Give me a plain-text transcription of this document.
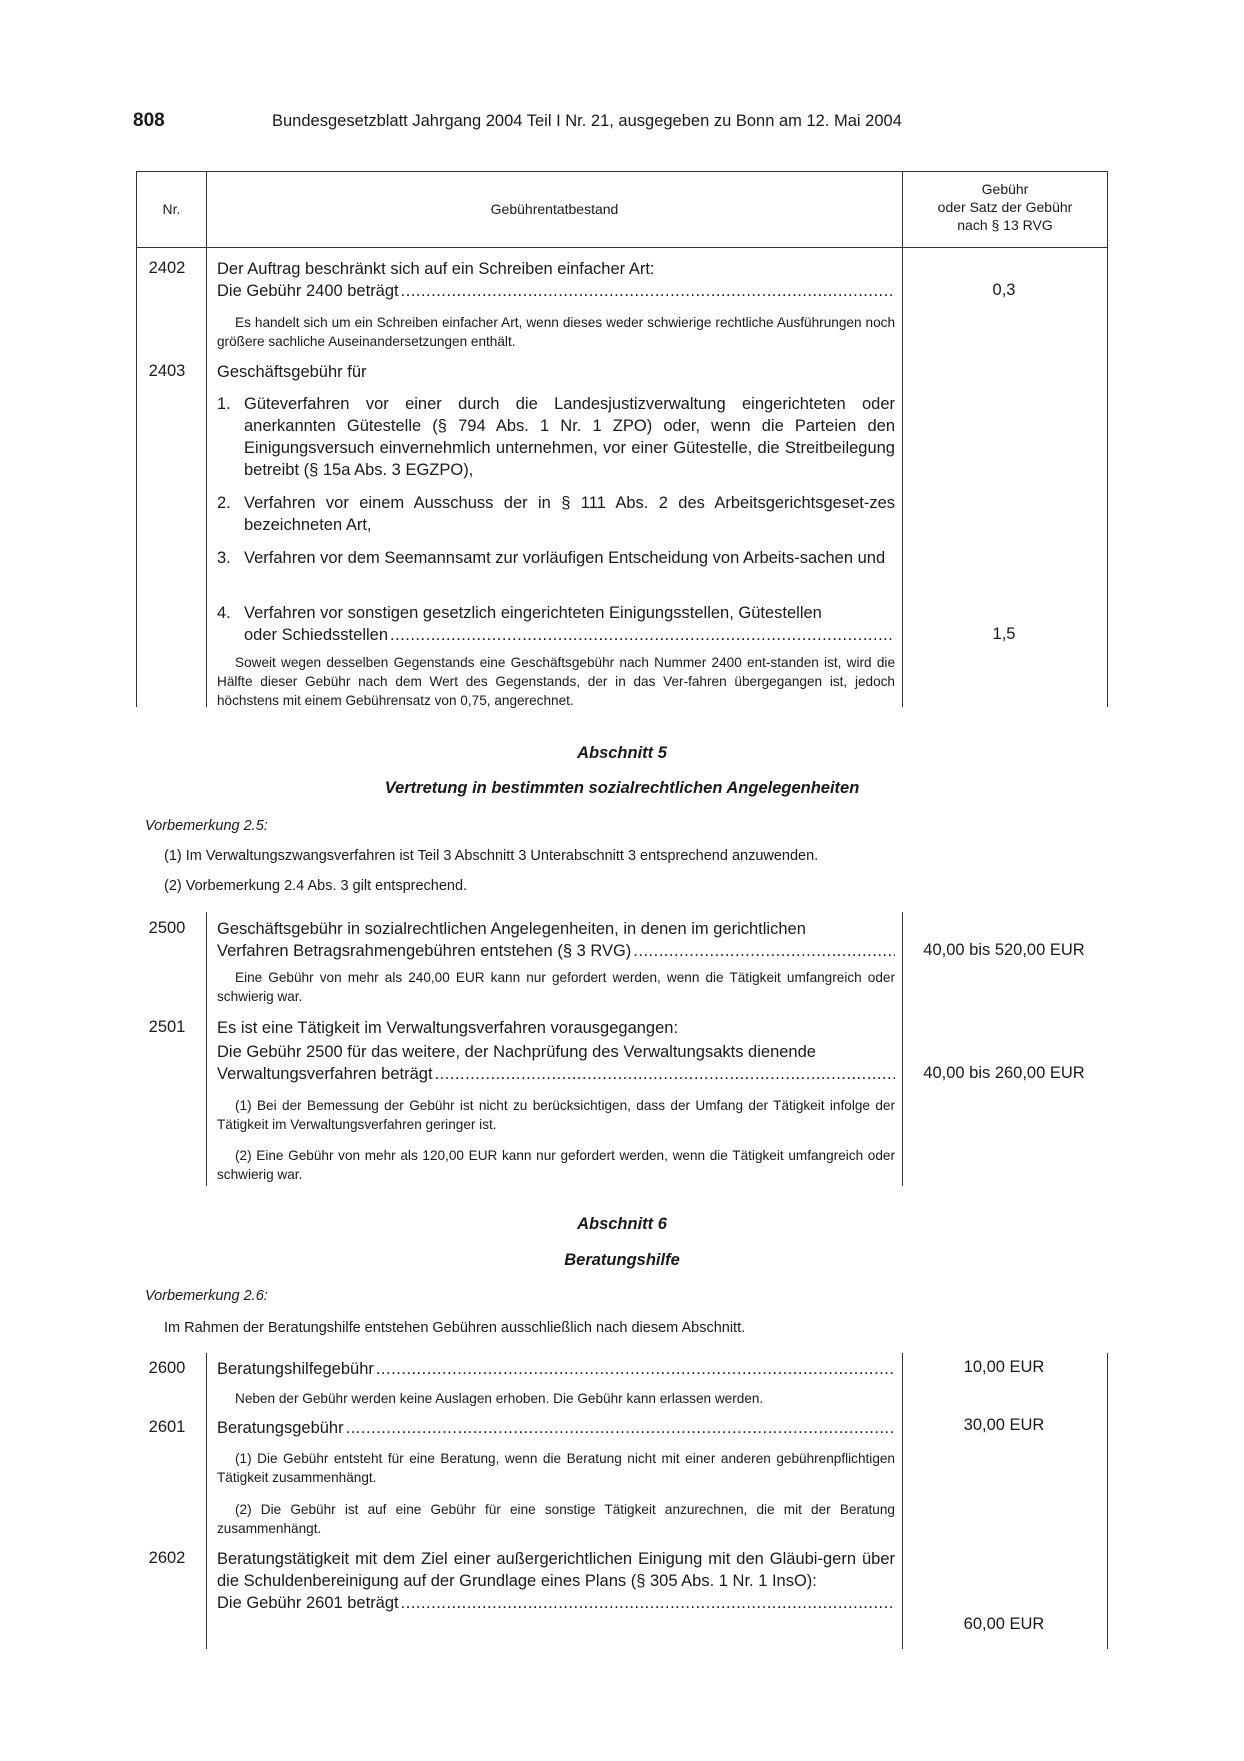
808	Bundesgesetzblatt Jahrgang 2004 Teil I Nr. 21, ausgegeben zu Bonn am 12. Mai 2004
Nr.	Gebührentatbestand
Gebühr
oder Satz der Gebühr
nach § 13 RVG
2402	Der Auftrag beschränkt sich auf ein Schreiben einfacher Art:
Die Gebühr 2400 beträgt .....	0,3
Es handelt sich um ein Schreiben einfacher Art, wenn dieses weder schwierige rechtliche Ausführungen noch größere sachliche Auseinandersetzungen enthält.
2403	Geschäftsgebühr für
1. Güteverfahren vor einer durch die Landesjustizverwaltung eingerichteten oder anerkannten Gütestelle (§ 794 Abs. 1 Nr. 1 ZPO) oder, wenn die Parteien den Einigungsversuch einvernehmlich unternehmen, vor einer Gütestelle, die Streitbeilegung betreibt (§ 15a Abs. 3 EGZPO),
2. Verfahren vor einem Ausschuss der in § 111 Abs. 2 des Arbeitsgerichtsgeset-zes bezeichneten Art,
3. Verfahren vor dem Seemannsamt zur vorläufigen Entscheidung von Arbeits-sachen und
4. Verfahren vor sonstigen gesetzlich eingerichteten Einigungsstellen, Gütestellen
oder Schiedsstellen .....	1,5
Soweit wegen desselben Gegenstands eine Geschäftsgebühr nach Nummer 2400 ent-standen ist, wird die Hälfte dieser Gebühr nach dem Wert des Gegenstands, der in das Ver-fahren übergegangen ist, jedoch höchstens mit einem Gebührensatz von 0,75, angerechnet.
Abschnitt 5
Vertretung in bestimmten sozialrechtlichen Angelegenheiten
Vorbemerkung 2.5:
(1) Im Verwaltungszwangsverfahren ist Teil 3 Abschnitt 3 Unterabschnitt 3 entsprechend anzuwenden.
(2) Vorbemerkung 2.4 Abs. 3 gilt entsprechend.
2500	Geschäftsgebühr in sozialrechtlichen Angelegenheiten, in denen im gerichtlichen
Verfahren Betragsrahmengebühren entstehen (§ 3 RVG) .....	40,00 bis 520,00 EUR
Eine Gebühr von mehr als 240,00 EUR kann nur gefordert werden, wenn die Tätigkeit umfangreich oder schwierig war.
2501	Es ist eine Tätigkeit im Verwaltungsverfahren vorausgegangen:
Die Gebühr 2500 für das weitere, der Nachprüfung des Verwaltungsakts dienende
Verwaltungsverfahren beträgt .....	40,00 bis 260,00 EUR
(1) Bei der Bemessung der Gebühr ist nicht zu berücksichtigen, dass der Umfang der Tätigkeit infolge der Tätigkeit im Verwaltungsverfahren geringer ist.
(2) Eine Gebühr von mehr als 120,00 EUR kann nur gefordert werden, wenn die Tätigkeit umfangreich oder schwierig war.
Abschnitt 6
Beratungshilfe
Vorbemerkung 2.6:
Im Rahmen der Beratungshilfe entstehen Gebühren ausschließlich nach diesem Abschnitt.
2600	Beratungshilfegebühr .....	10,00 EUR
Neben der Gebühr werden keine Auslagen erhoben. Die Gebühr kann erlassen werden.
2601	Beratungsgebühr .....	30,00 EUR
(1) Die Gebühr entsteht für eine Beratung, wenn die Beratung nicht mit einer anderen gebührenpflichtigen Tätigkeit zusammenhängt.
(2) Die Gebühr ist auf eine Gebühr für eine sonstige Tätigkeit anzurechnen, die mit der Beratung zusammenhängt.
2602	Beratungstätigkeit mit dem Ziel einer außergerichtlichen Einigung mit den Gläubi-gern über die Schuldenbereinigung auf der Grundlage eines Plans (§ 305 Abs. 1 Nr. 1 InsO):
Die Gebühr 2601 beträgt
.....
60,00 EUR
